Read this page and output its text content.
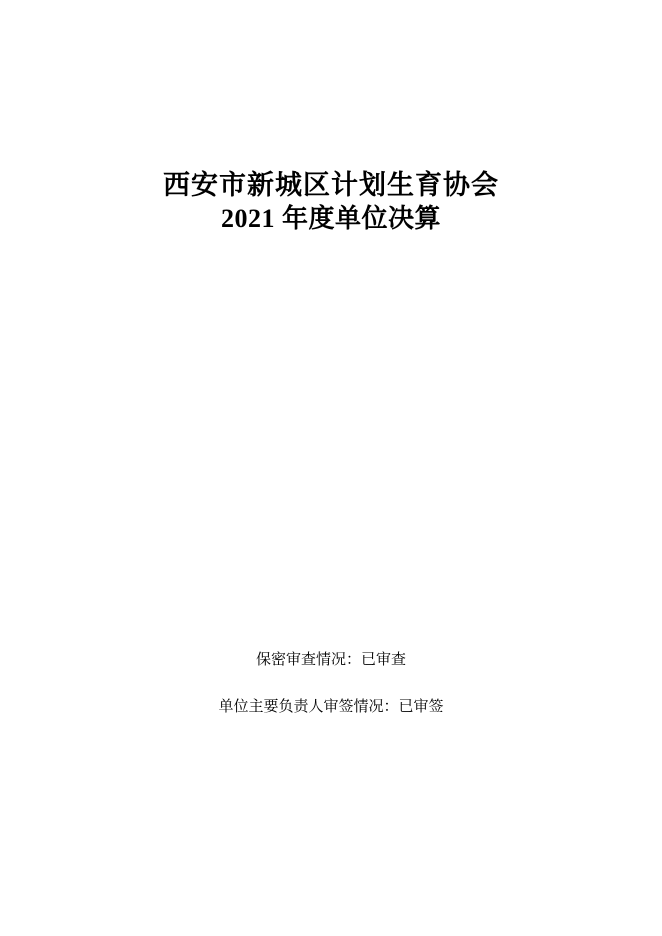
西安市新城区计划生育协会
2021 年度单位决算
保密审查情况：已审查
单位主要负责人审签情况：已审签
